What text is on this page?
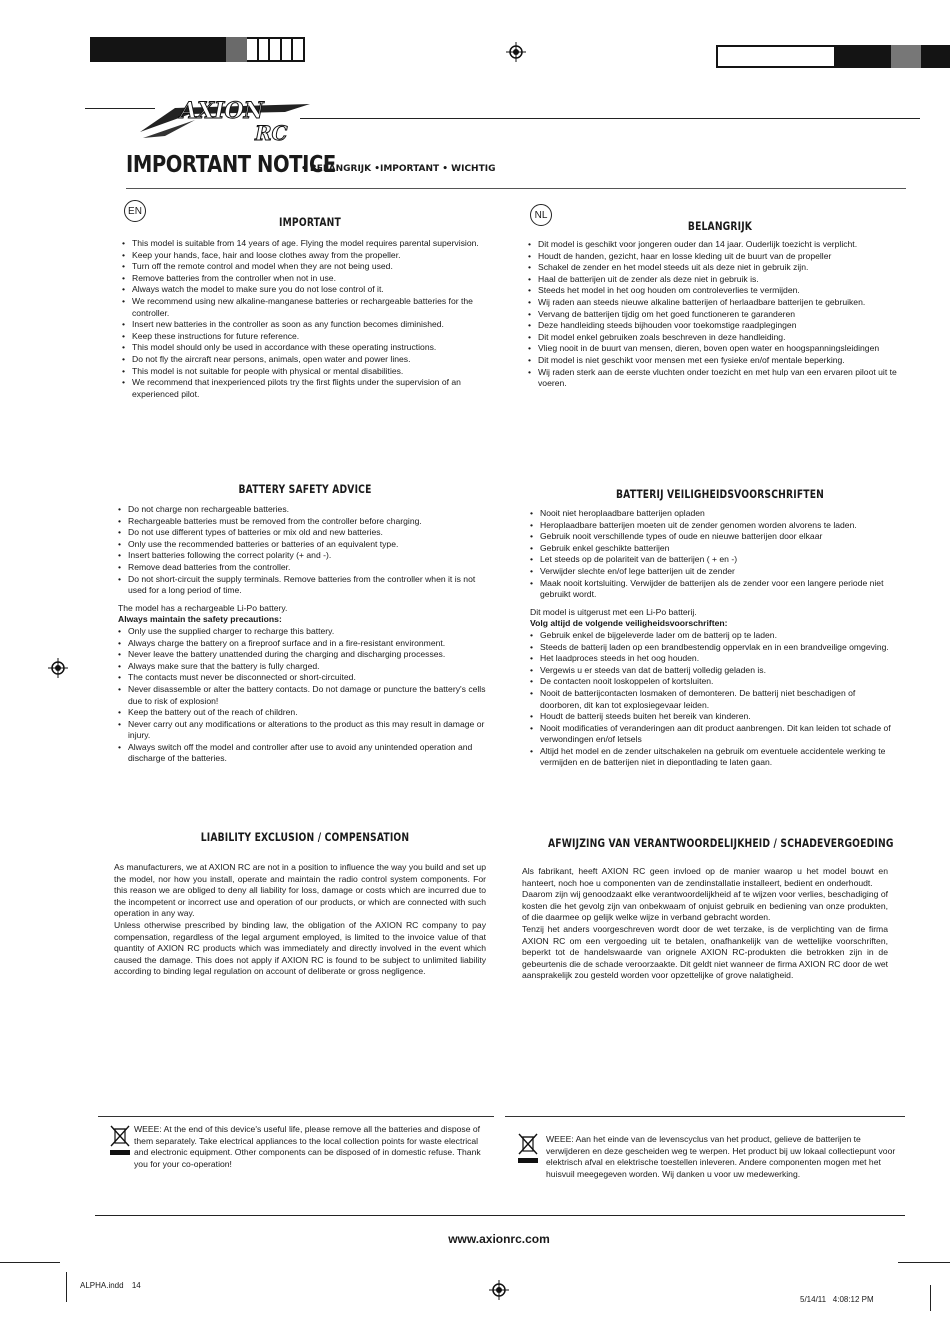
AXION
RC
IMPORTANT NOTICE
• BELANGRIJK •IMPORTANT • WICHTIG
EN
IMPORTANT
• This model is suitable from 14 years of age. Flying the model requires parental supervision.
• Keep your hands, face, hair and loose clothes away from the propeller.
• Turn off the remote control and model when they are not being used.
• Remove batteries from the controller when not in use.
• Always watch the model to make sure you do not lose control of it.
• We recommend using new alkaline-manganese batteries or rechargeable batteries for the controller.
• Insert new batteries in the controller as soon as any function becomes diminished.
• Keep these instructions for future reference.
• This model should only be used in accordance with these operating instructions.
• Do not fly the aircraft near persons, animals, open water and power lines.
• This model is not suitable for people with physical or mental disabilities.
• We recommend that inexperienced pilots try the first flights under the supervision of an experienced pilot.
BATTERY SAFETY ADVICE
• Do not charge non rechargeable batteries.
• Rechargeable batteries must be removed from the controller before charging.
• Do not use different types of batteries or mix old and new batteries.
• Only use the recommended batteries or batteries of an equivalent type.
• Insert batteries following the correct polarity (+ and -).
• Remove dead batteries from the controller.
• Do not short-circuit the supply terminals. Remove batteries from the controller when it is not used for a long period of time.

The model has a rechargeable Li-Po battery.

Always maintain the safety precautions:

• Only use the supplied charger to recharge this battery.
• Always charge the battery on a fireproof surface and in a fire-resistant environment.
• Never leave the battery unattended during the charging and discharging processes.
• Always make sure that the battery is fully charged.
• The contacts must never be disconnected or short-circuited.
• Never disassemble or alter the battery contacts. Do not damage or puncture the battery's cells due to risk of explosion!
• Keep the battery out of the reach of children.
• Never carry out any modifications or alterations to the product as this may result in damage or injury.
• Always switch off the model and controller after use to avoid any unintended operation and discharge of the batteries.
LIABILITY EXCLUSION / COMPENSATION

As manufacturers, we at AXION RC are not in a position to influence the way you build and set up the model, nor how you install, operate and maintain the radio control system components. For this reason we are obliged to deny all liability for loss, damage or costs which are incurred due to the incompetent or incorrect use and operation of our products, or which are connected with such operation in any way.

Unless otherwise prescribed by binding law, the obligation of the AXION RC company to pay compensation, regardless of the legal argument employed, is limited to the invoice value of that quantity of AXION RC products which was immediately and directly involved in the event which caused the damage. This does not apply if AXION RC is found to be subject to unlimited liability according to binding legal regulation on account of deliberate or gross negligence.

NL
BELANGRIJK
• Dit model is geschikt voor jongeren ouder dan 14 jaar. Ouderlijk toezicht is verplicht.
• Houdt de handen, gezicht, haar en losse kleding uit de buurt van de propeller
• Schakel de zender en het model steeds uit als deze niet in gebruik zijn.
• Haal de batterijen uit de zender als deze niet in gebruik is.
• Steeds het model in het oog houden om controleverlies te vermijden.
• Wij raden aan steeds nieuwe alkaline batterijen of herlaadbare batterijen te gebruiken.
• Vervang de batterijen tijdig om het goed functioneren te garanderen
• Deze handleiding steeds bijhouden voor toekomstige raadplegingen
• Dit model enkel gebruiken zoals beschreven in deze handleiding.
• Vlieg nooit in de buurt van mensen, dieren, boven open water en hoogspanningsleidingen
• Dit model is niet geschikt voor mensen met een fysieke en/of mentale beperking.
• Wij raden sterk aan de eerste vluchten onder toezicht en met hulp van een ervaren piloot uit te voeren.
BATTERIJ VEILIGHEIDSVOORSCHRIFTEN
• Nooit niet heroplaadbare batterijen opladen
• Heroplaadbare batterijen moeten uit de zender genomen worden alvorens te laden.
• Gebruik nooit verschillende types of oude en nieuwe batterijen door elkaar
• Gebruik enkel geschikte batterijen
• Let steeds op de polariteit van de batterijen ( + en -)
• Verwijder slechte en/of lege batterijen uit de zender
• Maak nooit kortsluiting. Verwijder de batterijen als de zender voor een langere periode niet gebruikt wordt.

Dit model is uitgerust met een Li-Po batterij.

Volg altijd de volgende veiligheidsvoorschriften:

• Gebruik enkel de bijgeleverde lader om de batterij op te laden.
• Steeds de batterij laden op een brandbestendig oppervlak en in een brandveilige omgeving.
• Het laadproces steeds in het oog houden.
• Vergewis u er steeds van dat de batterij volledig geladen is.
• De contacten nooit loskoppelen of kortsluiten.
• Nooit de batterijcontacten losmaken of demonteren. De batterij niet beschadigen of doorboren, dit kan tot explosiegevaar leiden.
• Houdt de batterij steeds buiten het bereik van kinderen.
• Nooit modificaties of veranderingen aan dit product aanbrengen. Dit kan leiden tot schade of verwondingen en/of letsels
• Altijd het model en de zender uitschakelen na gebruik om eventuele accidentele werking te vermijden en de batterijen niet in diepontlading te laten gaan.
AFWIJZING VAN VERANTWOORDELIJKHEID / SCHADEVERGOEDING

Als fabrikant, heeft AXION RC geen invloed op de manier waarop u het model bouwt en hanteert, noch hoe u componenten van de zendinstallatie installeert, bedient en onderhoudt.

Daarom zijn wij genoodzaakt elke verantwoordelijkheid af te wijzen voor verlies, beschadiging of kosten die het gevolg zijn van onbekwaam of onjuist gebruik en bediening van onze produkten, of die daarmee op gelijk welke wijze in verband gebracht worden.

Tenzij het anders voorgeschreven wordt door de wet terzake, is de verplichting van de firma AXION RC om een vergoeding uit te betalen, onafhankelijk van de wettelijke voorschriften, beperkt tot de handelswaarde van orignele AXION RC-produkten die betrokken zijn in de gebeurtenis die de schade veroorzaakte. Dit geldt niet wanneer de firma AXION RC door de wet aansprakelijk zou gesteld worden voor opzettelijke of grove nalatigheid.

WEEE: At the end of this device's useful life, please remove all the batteries and dispose of them separately. Take electrical appliances to the local collection points for waste electrical and electronic equipment. Other components can be disposed of in domestic refuse. Thank you for your co-operation!
WEEE: Aan het einde van de levenscyclus van het product, gelieve de batterijen te verwijderen en deze gescheiden weg te werpen. Het product bij uw lokaal collectiepunt voor elektrisch afval en elektrische toestellen inleveren. Andere componenten mogen met het huisvuil meegegeven worden. Wij danken u voor uw medewerking.
www.axionrc.com
ALPHA.indd 14
5/14/11   4:08:12 PM
